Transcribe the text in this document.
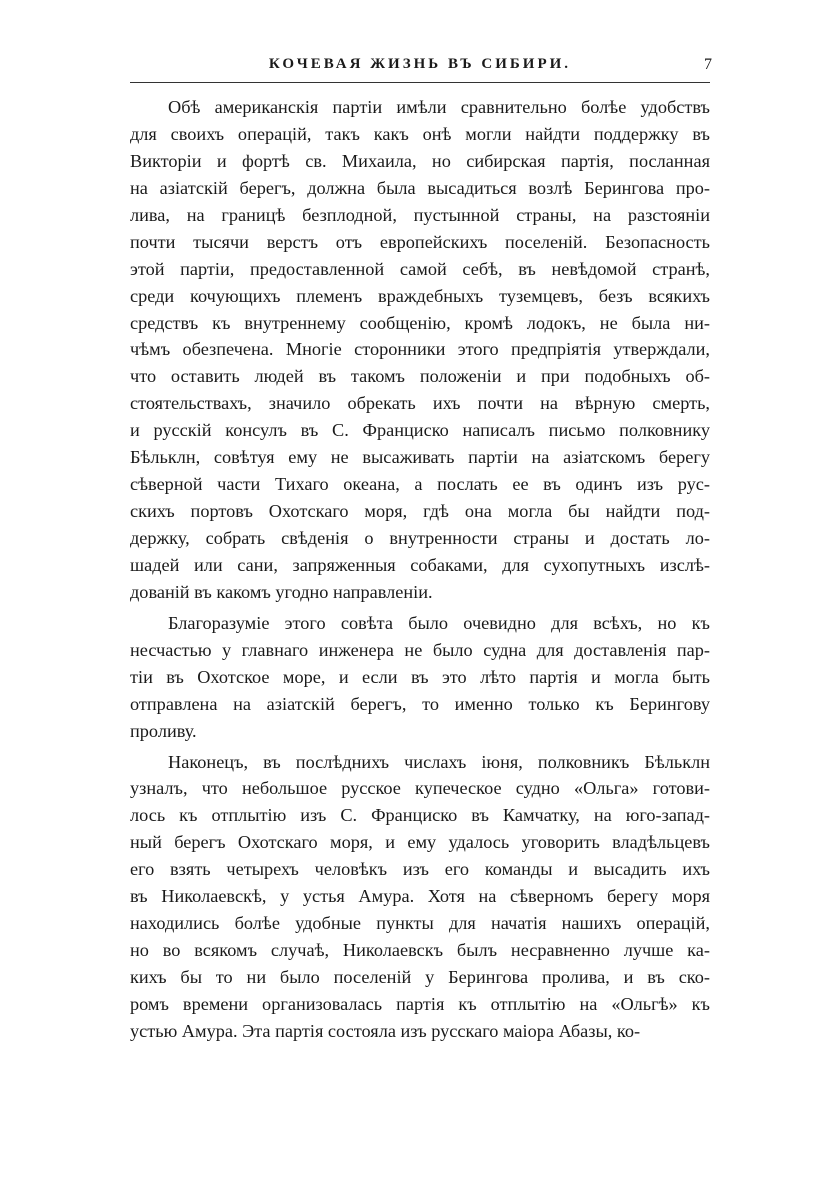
КОЧЕВАЯ ЖИЗНЬ ВЪ СИБИРИ.	7
Обѣ американскія партіи имѣли сравнительно болѣе удобствъ
для своихъ операцій, такъ какъ онѣ могли найдти поддержку въ
Викторіи и фортѣ св. Михаила, но сибирская партія, посланная
на азіатскій берегъ, должна была высадиться возлѣ Берингова про-
лива, на границѣ безплодной, пустынной страны, на разстояніи
почти тысячи верстъ отъ европейскихъ поселеній. Безопасность
этой партіи, предоставленной самой себѣ, въ невѣдомой странѣ,
среди кочующихъ племенъ враждебныхъ туземцевъ, безъ всякихъ
средствъ къ внутреннему сообщенію, кромѣ лодокъ, не была ни-
чѣмъ обезпечена. Многіе сторонники этого предпріятія утверждали,
что оставить людей въ такомъ положеніи и при подобныхъ об-
стоятельствахъ, значило обрекать ихъ почти на вѣрную смерть,
и русскій консулъ въ С. Франциско написалъ письмо полковнику
Бѣльклн, совѣтуя ему не высаживать партіи на азіатскомъ берегу
сѣверной части Тихаго океана, а послать ее въ одинъ изъ рус-
скихъ портовъ Охотскаго моря, гдѣ она могла бы найдти под-
держку, собрать свѣденія о внутренности страны и достать ло-
шадей или сани, запряженныя собаками, для сухопутныхъ изслѣ-
дованій въ какомъ угодно направленіи.
Благоразуміе этого совѣта было очевидно для всѣхъ, но къ
несчастью у главнаго инженера не было судна для доставленія пар-
тіи въ Охотское море, и если въ это лѣто партія и могла быть
отправлена на азіатскій берегъ, то именно только къ Берингову
проливу.
Наконецъ, въ послѣднихъ числахъ іюня, полковникъ Бѣльклн
узналъ, что небольшое русское купеческое судно «Ольга» готови-
лось къ отплытію изъ С. Франциско въ Камчатку, на юго-запад-
ный берегъ Охотскаго моря, и ему удалось уговорить владѣльцевъ
его взять четырехъ человѣкъ изъ его команды и высадить ихъ
въ Николаевскѣ, у устья Амура. Хотя на сѣверномъ берегу моря
находились болѣе удобные пункты для начатія нашихъ операцій,
но во всякомъ случаѣ, Николаевскъ былъ несравненно лучше ка-
кихъ бы то ни было поселеній у Берингова пролива, и въ ско-
ромъ времени организовалась партія къ отплытію на «Ольгѣ» къ
устью Амура. Эта партія состояла изъ русскаго маіора Абазы, ко-
